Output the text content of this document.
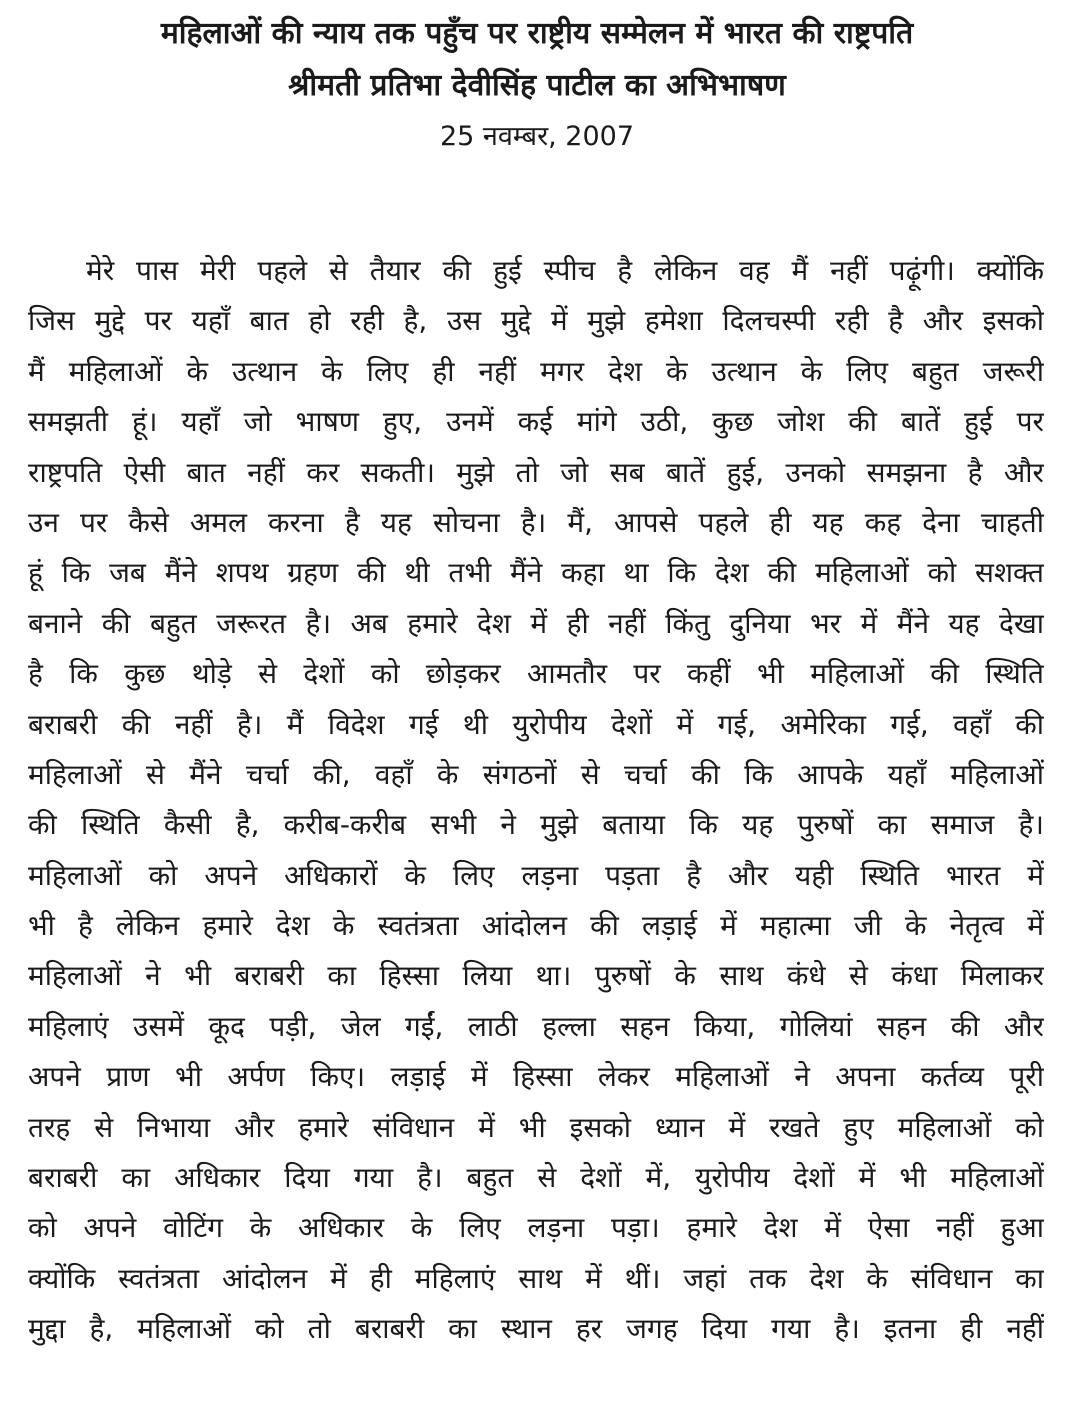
महिलाओं की न्याय तक पहुँच पर राष्ट्रीय सम्मेलन में भारत की राष्ट्रपति
श्रीमती प्रतिभा देवीसिंह पाटील का अभिभाषण
25 नवम्बर, 2007
मेरे पास मेरी पहले से तैयार की हुई स्पीच है लेकिन वह मैं नहीं पढ़ूंगी। क्योंकि
जिस मुद्दे पर यहाँ बात हो रही है, उस मुद्दे में मुझे हमेशा दिलचस्पी रही है और इसको
मैं महिलाओं के उत्थान के लिए ही नहीं मगर देश के उत्थान के लिए बहुत जरूरी
समझती हूं। यहाँ जो भाषण हुए, उनमें कई मांगे उठी, कुछ जोश की बातें हुई पर
राष्ट्रपति ऐसी बात नहीं कर सकती। मुझे तो जो सब बातें हुई, उनको समझना है और
उन पर कैसे अमल करना है यह सोचना है। मैं, आपसे पहले ही यह कह देना चाहती
हूं कि जब मैंने शपथ ग्रहण की थी तभी मैंने कहा था कि देश की महिलाओं को सशक्त
बनाने की बहुत जरूरत है। अब हमारे देश में ही नहीं किंतु दुनिया भर में मैंने यह देखा
है कि कुछ थोड़े से देशों को छोड़कर आमतौर पर कहीं भी महिलाओं की स्थिति
बराबरी की नहीं है। मैं विदेश गई थी युरोपीय देशों में गई, अमेरिका गई, वहाँ की
महिलाओं से मैंने चर्चा की, वहाँ के संगठनों से चर्चा की कि आपके यहाँ महिलाओं
की स्थिति कैसी है, करीब-करीब सभी ने मुझे बताया कि यह पुरुषों का समाज है।
महिलाओं को अपने अधिकारों के लिए लड़ना पड़ता है और यही स्थिति भारत में
भी है लेकिन हमारे देश के स्वतंत्रता आंदोलन की लड़ाई में महात्मा जी के नेतृत्व में
महिलाओं ने भी बराबरी का हिस्सा लिया था। पुरुषों के साथ कंधे से कंधा मिलाकर
महिलाएं उसमें कूद पड़ी, जेल गईं, लाठी हल्ला सहन किया, गोलियां सहन की और
अपने प्राण भी अर्पण किए। लड़ाई में हिस्सा लेकर महिलाओं ने अपना कर्तव्य पूरी
तरह से निभाया और हमारे संविधान में भी इसको ध्यान में रखते हुए महिलाओं को
बराबरी का अधिकार दिया गया है। बहुत से देशों में, युरोपीय देशों में भी महिलाओं
को अपने वोटिंग के अधिकार के लिए लड़ना पड़ा। हमारे देश में ऐसा नहीं हुआ
क्योंकि स्वतंत्रता आंदोलन में ही महिलाएं साथ में थीं। जहां तक देश के संविधान का
मुद्दा है, महिलाओं को तो बराबरी का स्थान हर जगह दिया गया है। इतना ही नहीं
